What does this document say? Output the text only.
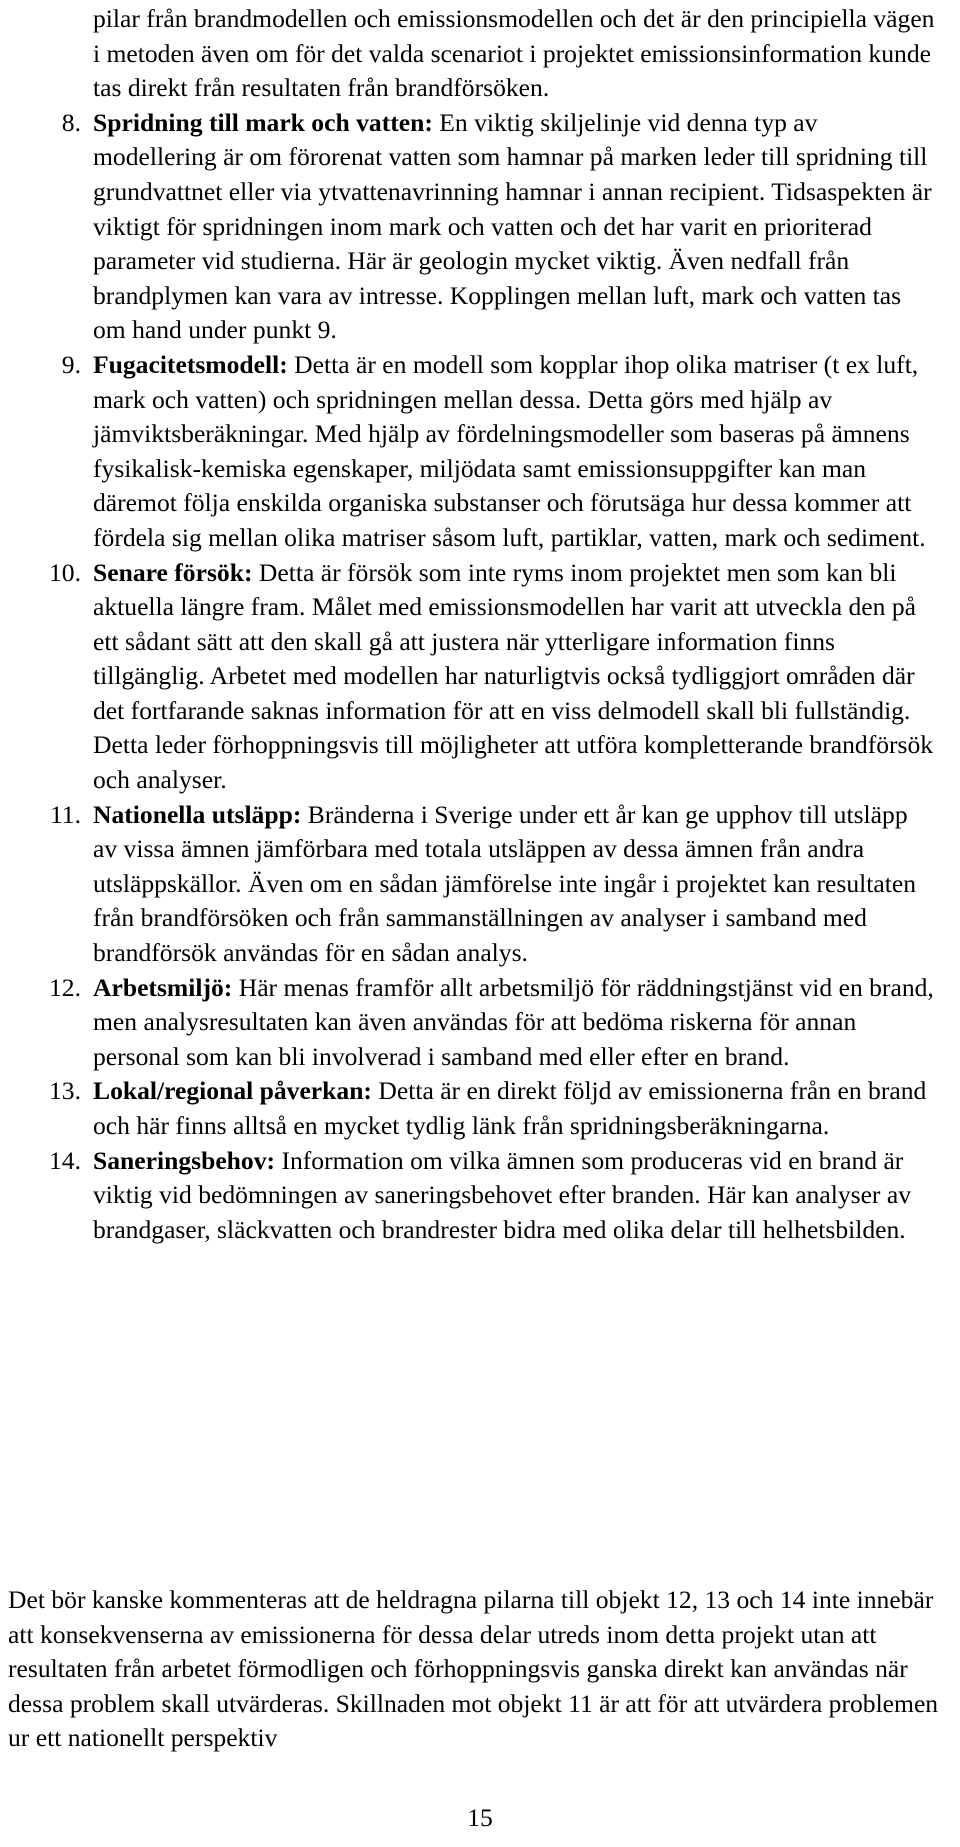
pilar från brandmodellen och emissionsmodellen och det är den principiella vägen i metoden även om för det valda scenariot i projektet emissionsinformation kunde tas direkt från resultaten från brandförsöken.

8. Spridning till mark och vatten: En viktig skiljelinje vid denna typ av modellering är om förorenat vatten som hamnar på marken leder till spridning till grundvattnet eller via ytvattenavrinning hamnar i annan recipient. Tidsaspekten är viktigt för spridningen inom mark och vatten och det har varit en prioriterad parameter vid studierna. Här är geologin mycket viktig. Även nedfall från brandplymen kan vara av intresse. Kopplingen mellan luft, mark och vatten tas om hand under punkt 9.
9. Fugacitetsmodell: Detta är en modell som kopplar ihop olika matriser (t ex luft, mark och vatten) och spridningen mellan dessa. Detta görs med hjälp av jämviktsberäkningar. Med hjälp av fördelningsmodeller som baseras på ämnens fysikalisk-kemiska egenskaper, miljödata samt emissionsuppgifter kan man däremot följa enskilda organiska substanser och förutsäga hur dessa kommer att fördela sig mellan olika matriser såsom luft, partiklar, vatten, mark och sediment.
10. Senare försök: Detta är försök som inte ryms inom projektet men som kan bli aktuella längre fram. Målet med emissionsmodellen har varit att utveckla den på ett sådant sätt att den skall gå att justera när ytterligare information finns tillgänglig. Arbetet med modellen har naturligtvis också tydliggjort områden där det fortfarande saknas information för att en viss delmodell skall bli fullständig. Detta leder förhoppningsvis till möjligheter att utföra kompletterande brandförsök och analyser.
11. Nationella utsläpp: Bränderna i Sverige under ett år kan ge upphov till utsläpp av vissa ämnen jämförbara med totala utsläppen av dessa ämnen från andra utsläppskällor. Även om en sådan jämförelse inte ingår i projektet kan resultaten från brandförsöken och från sammanställningen av analyser i samband med brandförsök användas för en sådan analys.
12. Arbetsmiljö: Här menas framför allt arbetsmiljö för räddningstjänst vid en brand, men analysresultaten kan även användas för att bedöma riskerna för annan personal som kan bli involverad i samband med eller efter en brand.
13. Lokal/regional påverkan: Detta är en direkt följd av emissionerna från en brand och här finns alltså en mycket tydlig länk från spridningsberäkningarna.
14. Saneringsbehov: Information om vilka ämnen som produceras vid en brand är viktig vid bedömningen av saneringsbehovet efter branden. Här kan analyser av brandgaser, släckvatten och brandrester bidra med olika delar till helhetsbilden.

Det bör kanske kommenteras att de heldragna pilarna till objekt 12, 13 och 14 inte innebär att konsekvenserna av emissionerna för dessa delar utreds inom detta projekt utan att resultaten från arbetet förmodligen och förhoppningsvis ganska direkt kan användas när dessa problem skall utvärderas. Skillnaden mot objekt 11 är att för att utvärdera problemen ur ett nationellt perspektiv

15
